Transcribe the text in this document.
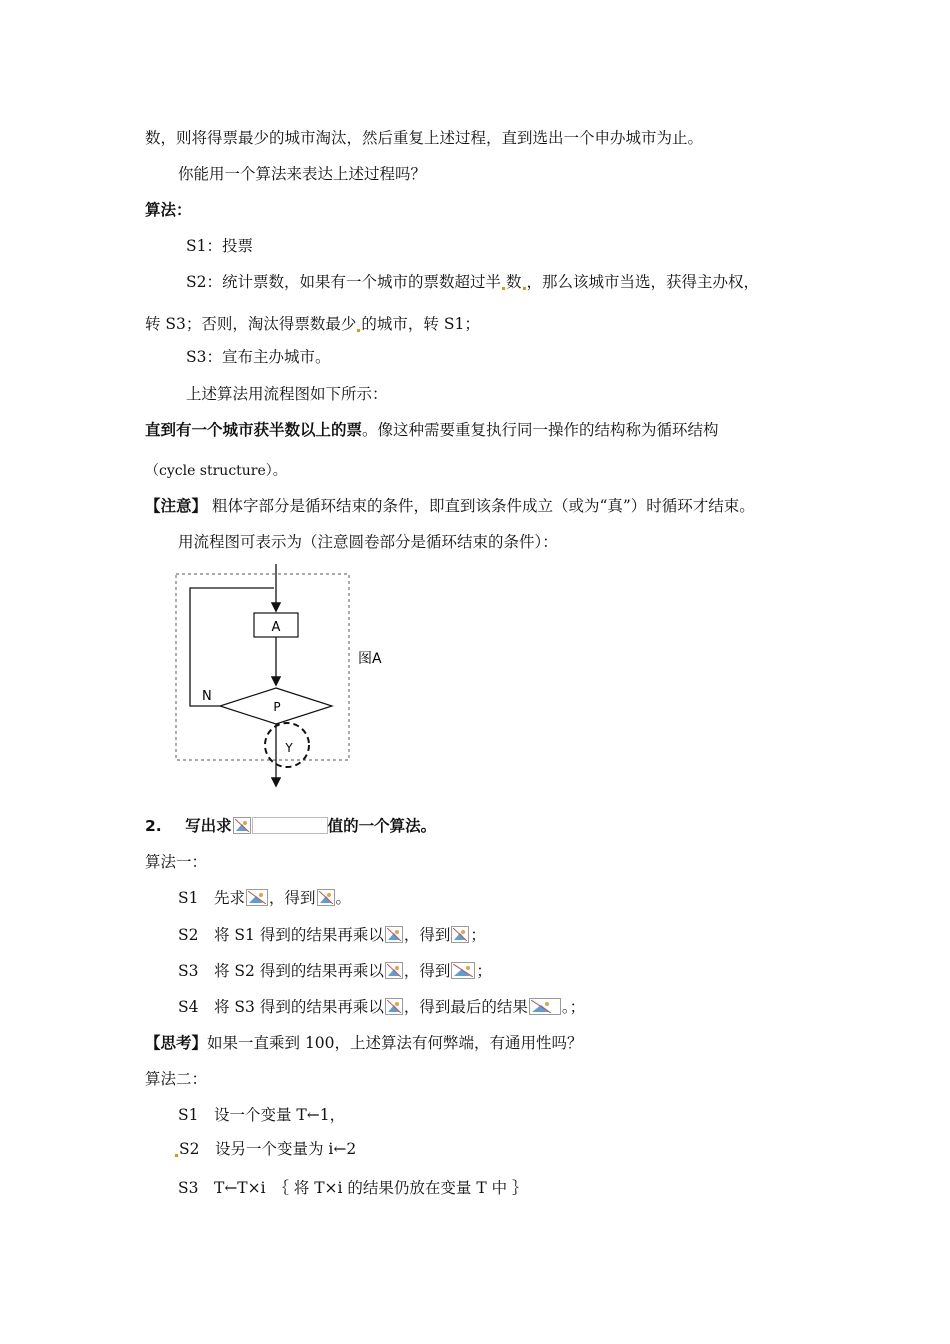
数，则将得票最少的城市淘汰，然后重复上述过程，直到选出一个申办城市为止。
你能用一个算法来表达上述过程吗？
算法：
S1：投票
S2：统计票数，如果有一个城市的票数超过半 数 ，那么该城市当选，获得主办权，
转 S3；否则，淘汰得票数最少 的城市，转 S1；
S3：宣布主办城市。
上述算法用流程图如下所示：
直到有一个城市获半数以上的票。像这种需要重复执行同一操作的结构称为循环结构
（cycle structure）。
【注意】 粗体字部分是循环结束的条件，即直到该条件成立（或为“真”）时循环才结束。
用流程图可表示为（注意圆卷部分是循环结束的条件）：
A
P
N
Y
图A
2. 写出求	值的一个算法。
算法一：
S1　先求 ，得到 。
S2　将 S1 得到的结果再乘以 ，得到 ；
S3　将 S2 得到的结果再乘以 ，得到 ；
S4　将 S3 得到的结果再乘以 ，得到最后的结果 。；
【思考】如果一直乘到 100，上述算法有何弊端，有通用性吗？
算法二：
S1　设一个变量 T←1，
S2　设另一个变量为 i←2
S3　T←T×i　｛ 将 T×i 的结果仍放在变量 T 中 ｝
